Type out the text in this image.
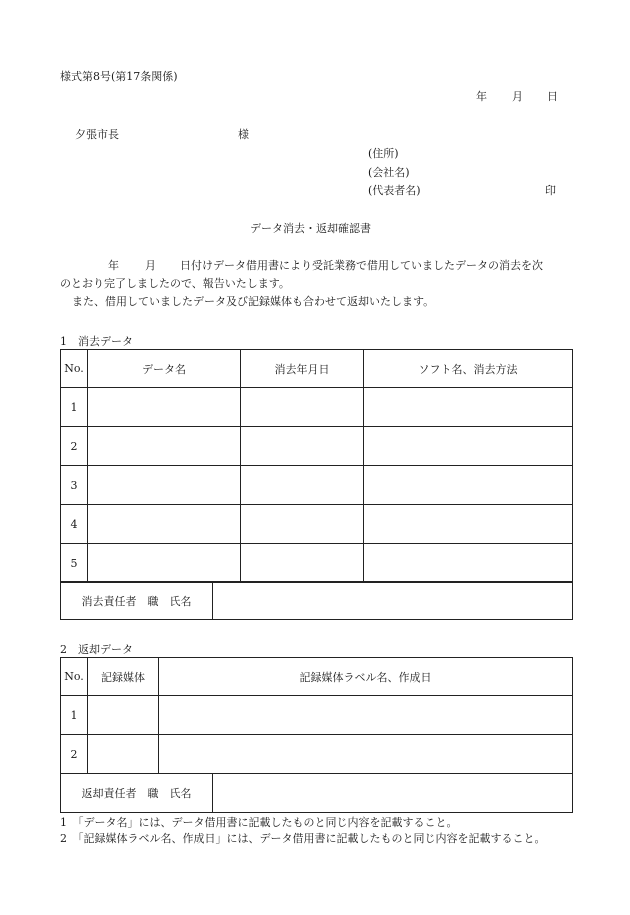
様式第8号(第17条関係)
年 月 日
夕張市長	様
(住所)
(会社名)
(代表者名)	印
データ消去・返却確認書
年 月 日付けデータ借用書により受託業務で借用していましたデータの消去を次
のとおり完了しましたので、報告いたします。
また、借用していましたデータ及び記録媒体も合わせて返却いたします。
1　消去データ
No.	データ名	消去年月日	ソフト名、消去方法
1			
2			
3			
4			
5			
消去責任者　職　氏名	
2　返却データ
No.	記録媒体	記録媒体ラベル名、作成日
1		
2		
返却責任者　職　氏名	
1　「データ名」には、データ借用書に記載したものと同じ内容を記載すること。
2　「記録媒体ラベル名、作成日」には、データ借用書に記載したものと同じ内容を記載すること。
